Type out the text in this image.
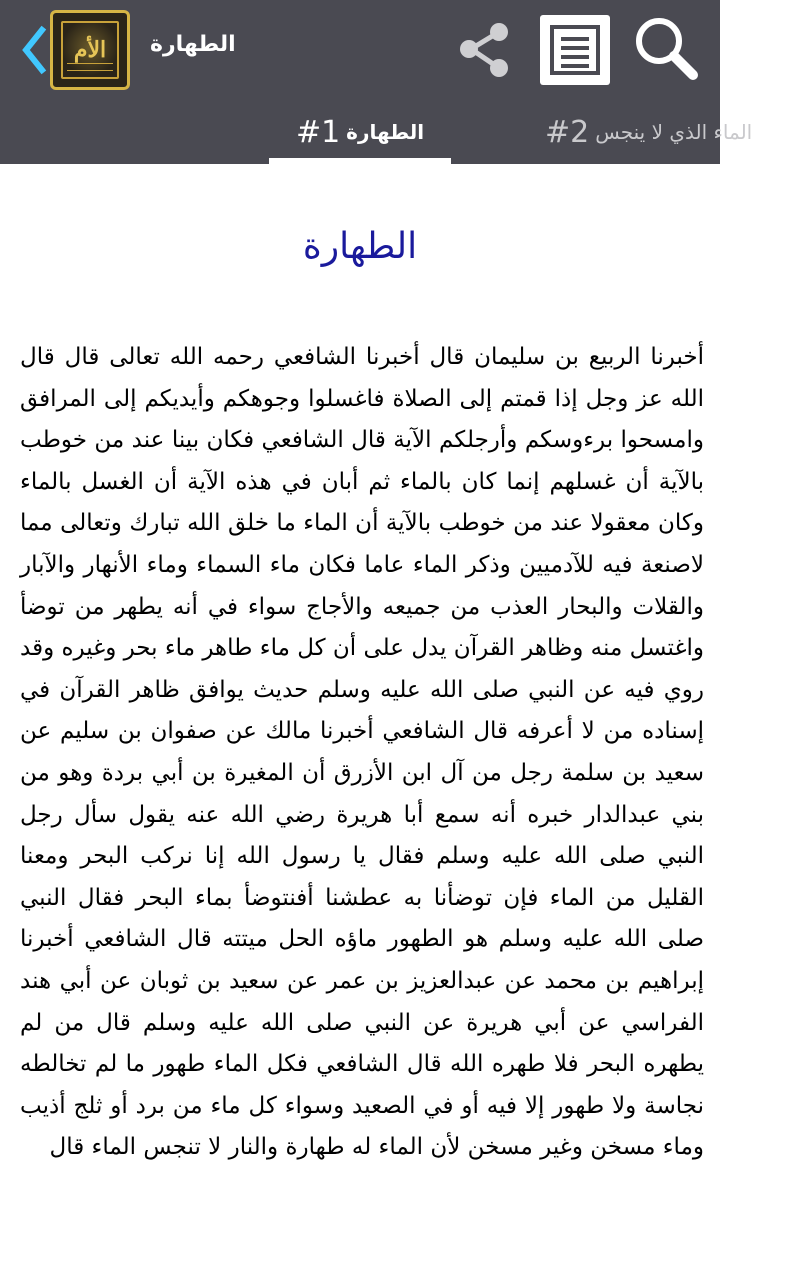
الأم	الطهارة
الطهارة
#1	الماء الذي لا ينجس
#2
الطهارة
أخبرنا الربيع بن سليمان قال أخبرنا الشافعي رحمه الله تعالى قال قال الله عز وجل إذا قمتم إلى الصلاة فاغسلوا وجوهكم وأيديكم إلى المرافق وامسحوا برءوسكم وأرجلكم الآية قال الشافعي فكان بينا عند من خوطب بالآية أن غسلهم إنما كان بالماء ثم أبان في هذه الآية أن الغسل بالماء وكان معقولا عند من خوطب بالآية أن الماء ما خلق الله تبارك وتعالى مما لاصنعة فيه للآدميين وذكر الماء عاما فكان ماء السماء وماء الأنهار والآبار والقلات والبحار العذب من جميعه والأجاج سواء في أنه يطهر من توضأ واغتسل منه وظاهر القرآن يدل على أن كل ماء طاهر ماء بحر وغيره وقد روي فيه عن النبي صلى الله عليه وسلم حديث يوافق ظاهر القرآن في إسناده من لا أعرفه قال الشافعي أخبرنا مالك عن صفوان بن سليم عن سعيد بن سلمة رجل من آل ابن الأزرق أن المغيرة بن أبي بردة وهو من بني عبدالدار خبره أنه سمع أبا هريرة رضي الله عنه يقول سأل رجل النبي صلى الله عليه وسلم فقال يا رسول الله إنا نركب البحر ومعنا القليل من الماء فإن توضأنا به عطشنا أفنتوضأ بماء البحر فقال النبي صلى الله عليه وسلم هو الطهور ماؤه الحل ميتته قال الشافعي أخبرنا إبراهيم بن محمد عن عبدالعزيز بن عمر عن سعيد بن ثوبان عن أبي هند الفراسي عن أبي هريرة عن النبي صلى الله عليه وسلم قال من لم يطهره البحر فلا طهره الله قال الشافعي فكل الماء طهور ما لم تخالطه نجاسة ولا طهور إلا فيه أو في الصعيد وسواء كل ماء من برد أو ثلج أذيب وماء مسخن وغير مسخن لأن الماء له طهارة والنار لا تنجس الماء قال
